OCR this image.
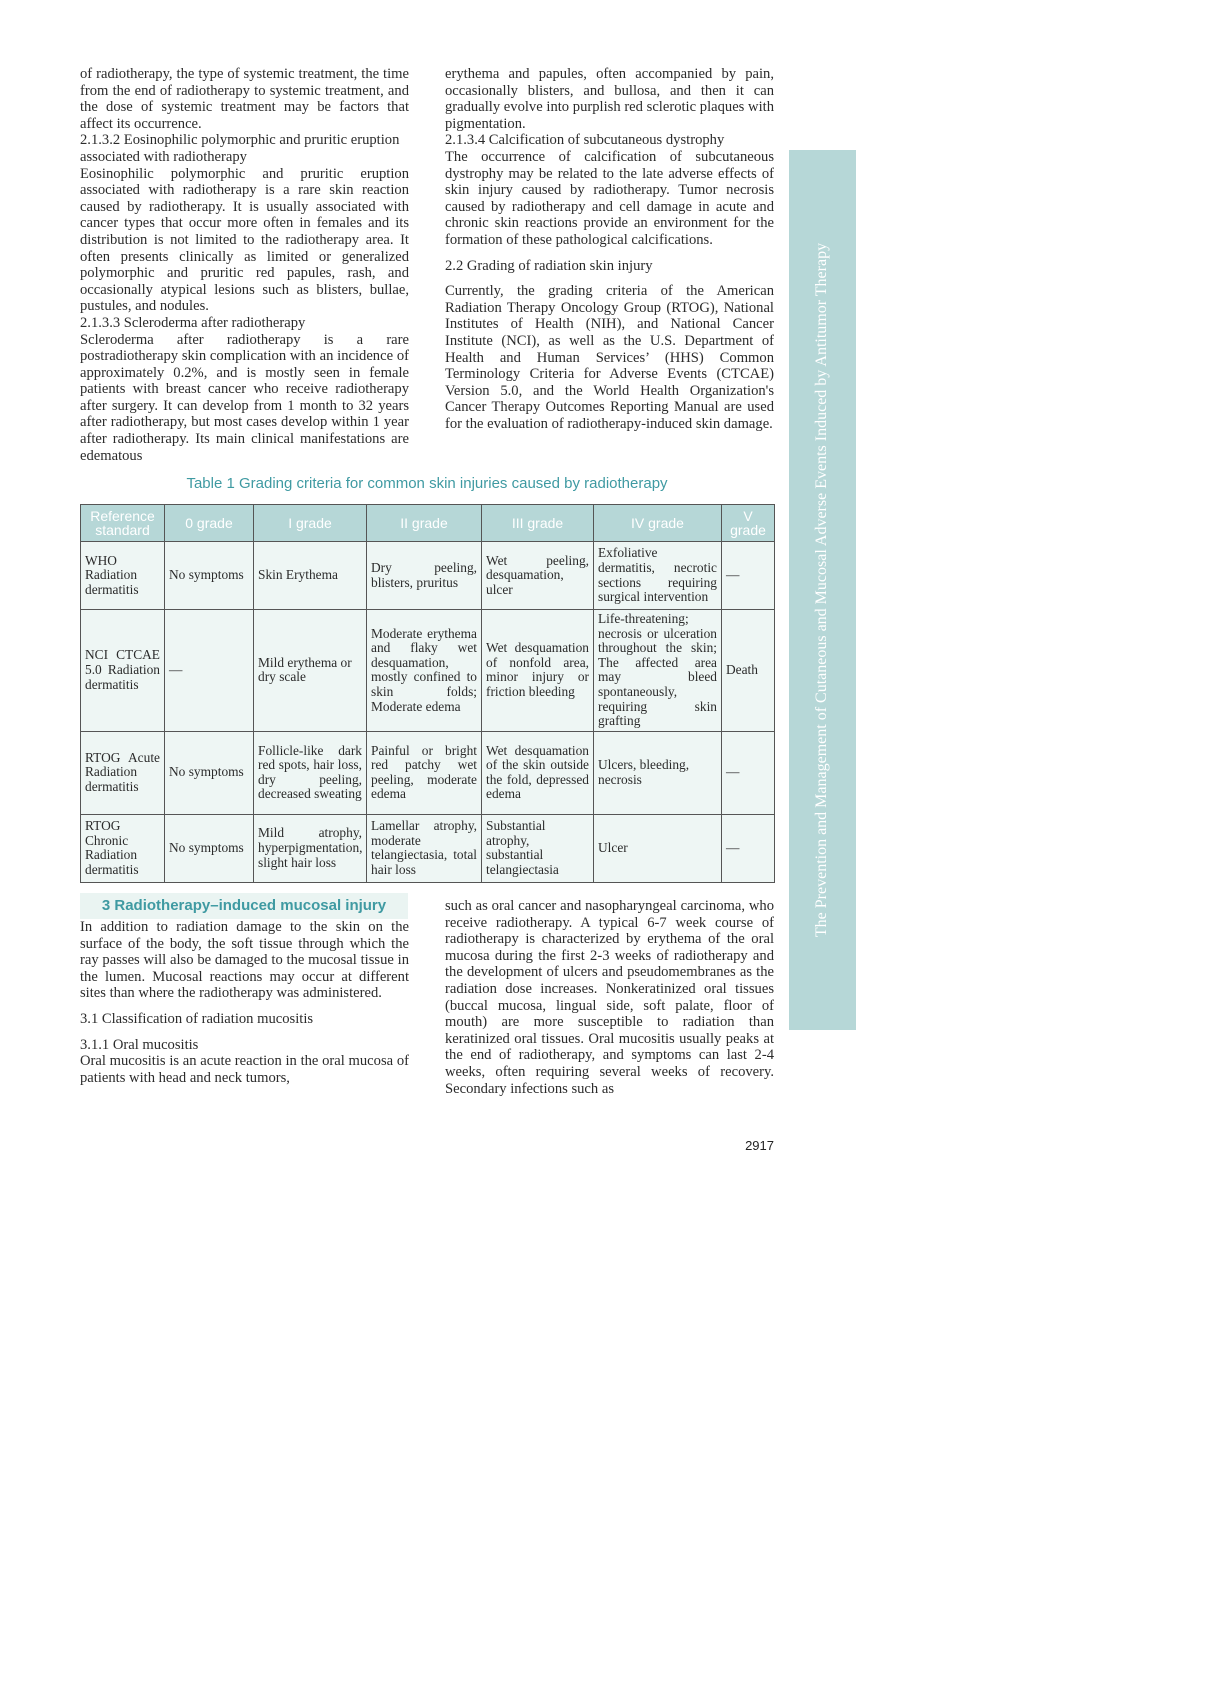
of radiotherapy, the type of systemic treatment, the time from the end of radiotherapy to systemic treatment, and the dose of systemic treatment may be factors that affect its occurrence.

2.1.3.2 Eosinophilic polymorphic and pruritic eruption associated with radiotherapy

Eosinophilic polymorphic and pruritic eruption associated with radiotherapy is a rare skin reaction caused by radiotherapy. It is usually associated with cancer types that occur more often in females and its distribution is not limited to the radiotherapy area. It often presents clinically as limited or generalized polymorphic and pruritic red papules, rash, and occasionally atypical lesions such as blisters, bullae, pustules, and nodules.

2.1.3.3 Scleroderma after radiotherapy

Scleroderma after radiotherapy is a rare postradiotherapy skin complication with an incidence of approximately 0.2%, and is mostly seen in female patients with breast cancer who receive radiotherapy after surgery. It can develop from 1 month to 32 years after radiotherapy, but most cases develop within 1 year after radiotherapy. Its main clinical manifestations are edematous

erythema and papules, often accompanied by pain, occasionally blisters, and bullosa, and then it can gradually evolve into purplish red sclerotic plaques with pigmentation.

2.1.3.4 Calcification of subcutaneous dystrophy

The occurrence of calcification of subcutaneous dystrophy may be related to the late adverse effects of skin injury caused by radiotherapy. Tumor necrosis caused by radiotherapy and cell damage in acute and chronic skin reactions provide an environment for the formation of these pathological calcifications.

2.2 Grading of radiation skin injury

Currently, the grading criteria of the American Radiation Therapy Oncology Group (RTOG), National Institutes of Health (NIH), and National Cancer Institute (NCI), as well as the U.S. Department of Health and Human Services’ (HHS) Common Terminology Criteria for Adverse Events (CTCAE) Version 5.0, and the World Health Organization's Cancer Therapy Outcomes Reporting Manual are used for the evaluation of radiotherapy-induced skin damage.

Table 1 Grading criteria for common skin injuries caused by radiotherapy
Reference standard	0 grade	I grade	II grade	III grade	IV grade	V grade
WHO Radiation dermatitis	No symptoms	Skin Erythema	Dry peeling, blisters, pruritus	Wet peeling, desquamation, ulcer	Exfoliative dermatitis, necrotic sections requiring surgical intervention	—
NCI CTCAE 5.0 Radiation dermatitis	—	Mild erythema or dry scale	Moderate erythema and flaky wet desquamation, mostly confined to skin folds; Moderate edema	Wet desquamation of nonfold area, minor injury or friction bleeding	Life-threatening; necrosis or ulceration throughout the skin; The affected area may bleed spontaneously, requiring skin grafting	Death
RTOG Acute Radiation dermatitis	No symptoms	Follicle-like dark red spots, hair loss, dry peeling, decreased sweating	Painful or bright red patchy wet peeling, moderate edema	Wet desquamation of the skin outside the fold, depressed edema	Ulcers, bleeding, necrosis	—
RTOG Chronic Radiation dermatitis	No symptoms	Mild atrophy, hyperpigmentation, slight hair loss	Lamellar atrophy, moderate telangiectasia, total hair loss	Substantial atrophy, substantial telangiectasia	Ulcer	—
3 Radiotherapy–induced mucosal injury

In addition to radiation damage to the skin on the surface of the body, the soft tissue through which the ray passes will also be damaged to the mucosal tissue in the lumen. Mucosal reactions may occur at different sites than where the radiotherapy was administered.

3.1 Classification of radiation mucositis

3.1.1 Oral mucositis

Oral mucositis is an acute reaction in the oral mucosa of patients with head and neck tumors,

such as oral cancer and nasopharyngeal carcinoma, who receive radiotherapy. A typical 6-7 week course of radiotherapy is characterized by erythema of the oral mucosa during the first 2-3 weeks of radiotherapy and the development of ulcers and pseudomembranes as the radiation dose increases. Nonkeratinized oral tissues (buccal mucosa, lingual side, soft palate, floor of mouth) are more susceptible to radiation than keratinized oral tissues. Oral mucositis usually peaks at the end of radiotherapy, and symptoms can last 2-4 weeks, often requiring several weeks of recovery. Secondary infections such as

The Prevention and Management of Cutaneous and Mucosal Adverse Events Induced by Antitumor Therapy
2917
